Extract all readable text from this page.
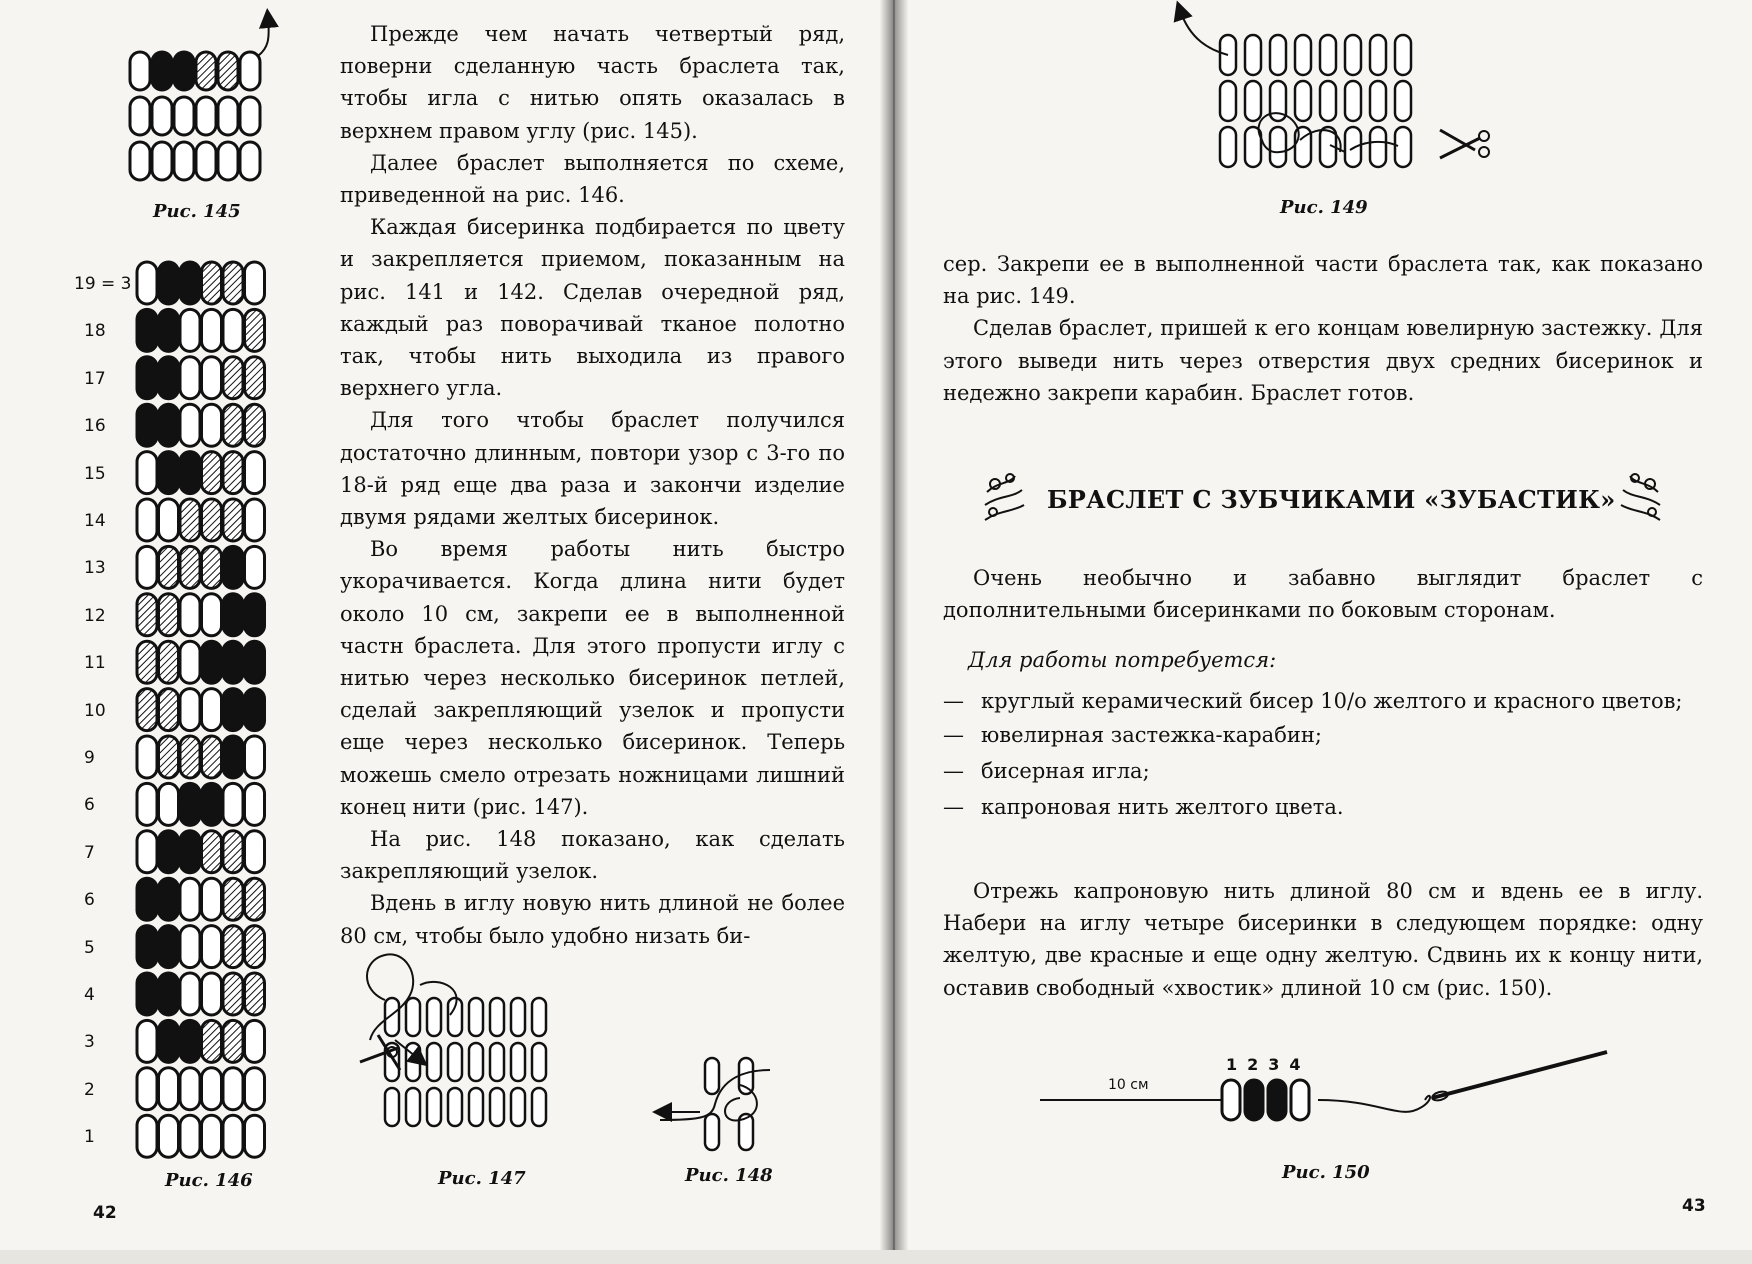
Прежде чем начать четвертый ряд, поверни сделанную часть браслета так, чтобы игла с нитью опять оказалась в верхнем правом углу (рис. 145).

Далее браслет выполняется по схеме, приведенной на рис. 146.

Каждая бисеринка подбирается по цвету и закрепляется приемом, показанным на рис. 141 и 142. Сделав очередной ряд, каждый раз поворачивай тканое полотно так, чтобы нить выходила из правого верхнего угла.

Для того чтобы браслет получился достаточно длинным, повтори узор с 3-го по 18-й ряд еще два раза и закончи изделие двумя рядами желтых бисеринок.

Во время работы нить быстро укорачивается. Когда длина нити будет около 10 см, закрепи ее в выполненной частн браслета. Для этого пропусти иглу с нитью через несколько бисеринок петлей, сделай закрепляющий узелок и пропусти еще через несколько бисеринок. Теперь можешь смело отрезать ножницами лишний конец нити (рис. 147).

На рис. 148 показано, как сделать закрепляющий узелок.

Вдень в иглу новую нить длиной не более 80 см, чтобы было удобно низать би-

Рис. 145
Рис. 146	Рис. 147	Рис. 148
42
19 = 3
18
17
16
15
14
13
12
11
10
9
6
7
6
5
4
3
2
1
Рис. 149

сер. Закрепи ее в выполненной части браслета так, как показано на рис. 149.

Сделав браслет, пришей к его концам ювелирную застежку. Для этого выведи нить через отверстия двух средних бисеринок и недежно закрепи карабин. Браслет готов.

БРАСЛЕТ С ЗУБЧИКАМИ «ЗУБАСТИК»

Очень необычно и забавно выглядит браслет с дополнительными бисеринками по боковым сторонам.

Для работы потребуется:
— круглый керамический бисер 10/о желтого и красного цветов;
— ювелирная застежка-карабин;
— бисерная игла;
— капроновая нить желтого цвета.

Отрежь капроновую нить длиной 80 см и вдень ее в иглу. Набери на иглу четыре бисеринки в следующем порядке: одну желтую, две красные и еще одну желтую. Сдвинь их к концу нити, оставив свободный «хвостик» длиной 10 см (рис. 150).

10 см
1234
Рис. 150
43
